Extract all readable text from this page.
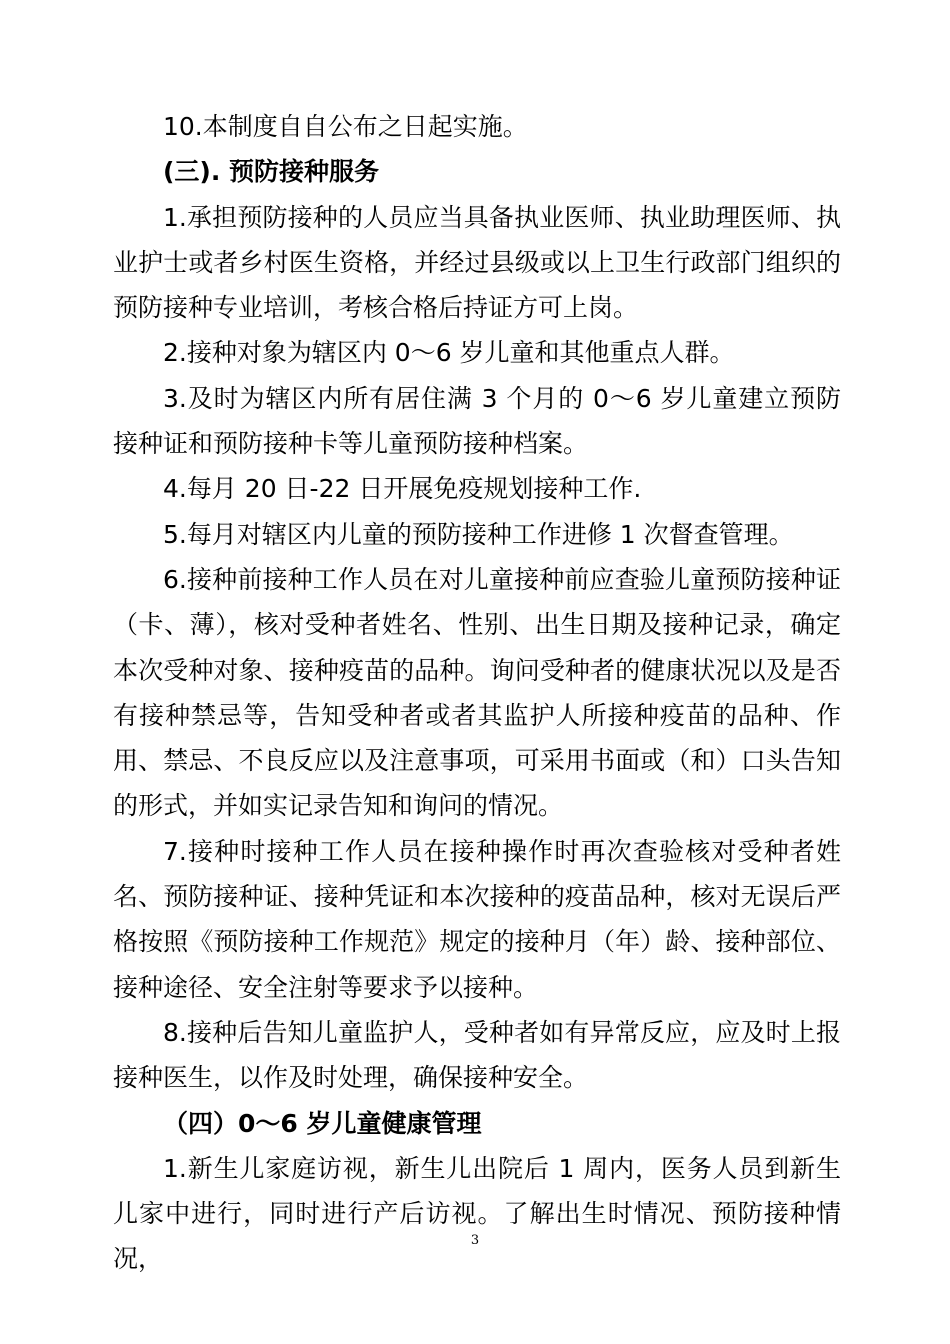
10.本制度自自公布之日起实施。

(三). 预防接种服务

1.承担预防接种的人员应当具备执业医师、执业助理医师、执业护士或者乡村医生资格，并经过县级或以上卫生行政部门组织的预防接种专业培训，考核合格后持证方可上岗。

2.接种对象为辖区内 0～6 岁儿童和其他重点人群。

3.及时为辖区内所有居住满 3 个月的 0～6 岁儿童建立预防接种证和预防接种卡等儿童预防接种档案。

4.每月 20 日-22 日开展免疫规划接种工作.

5.每月对辖区内儿童的预防接种工作进修 1 次督查管理。

6.接种前接种工作人员在对儿童接种前应查验儿童预防接种证（卡、薄），核对受种者姓名、性别、出生日期及接种记录，确定本次受种对象、接种疫苗的品种。询问受种者的健康状况以及是否有接种禁忌等，告知受种者或者其监护人所接种疫苗的品种、作用、禁忌、不良反应以及注意事项，可采用书面或（和）口头告知的形式，并如实记录告知和询问的情况。

7.接种时接种工作人员在接种操作时再次查验核对受种者姓名、预防接种证、接种凭证和本次接种的疫苗品种，核对无误后严格按照《预防接种工作规范》规定的接种月（年）龄、接种部位、接种途径、安全注射等要求予以接种。

8.接种后告知儿童监护人，受种者如有异常反应，应及时上报接种医生，以作及时处理，确保接种安全。

（四）0～6 岁儿童健康管理

1.新生儿家庭访视，新生儿出院后 1 周内，医务人员到新生儿家中进行，同时进行产后访视。了解出生时情况、预防接种情况，

3
